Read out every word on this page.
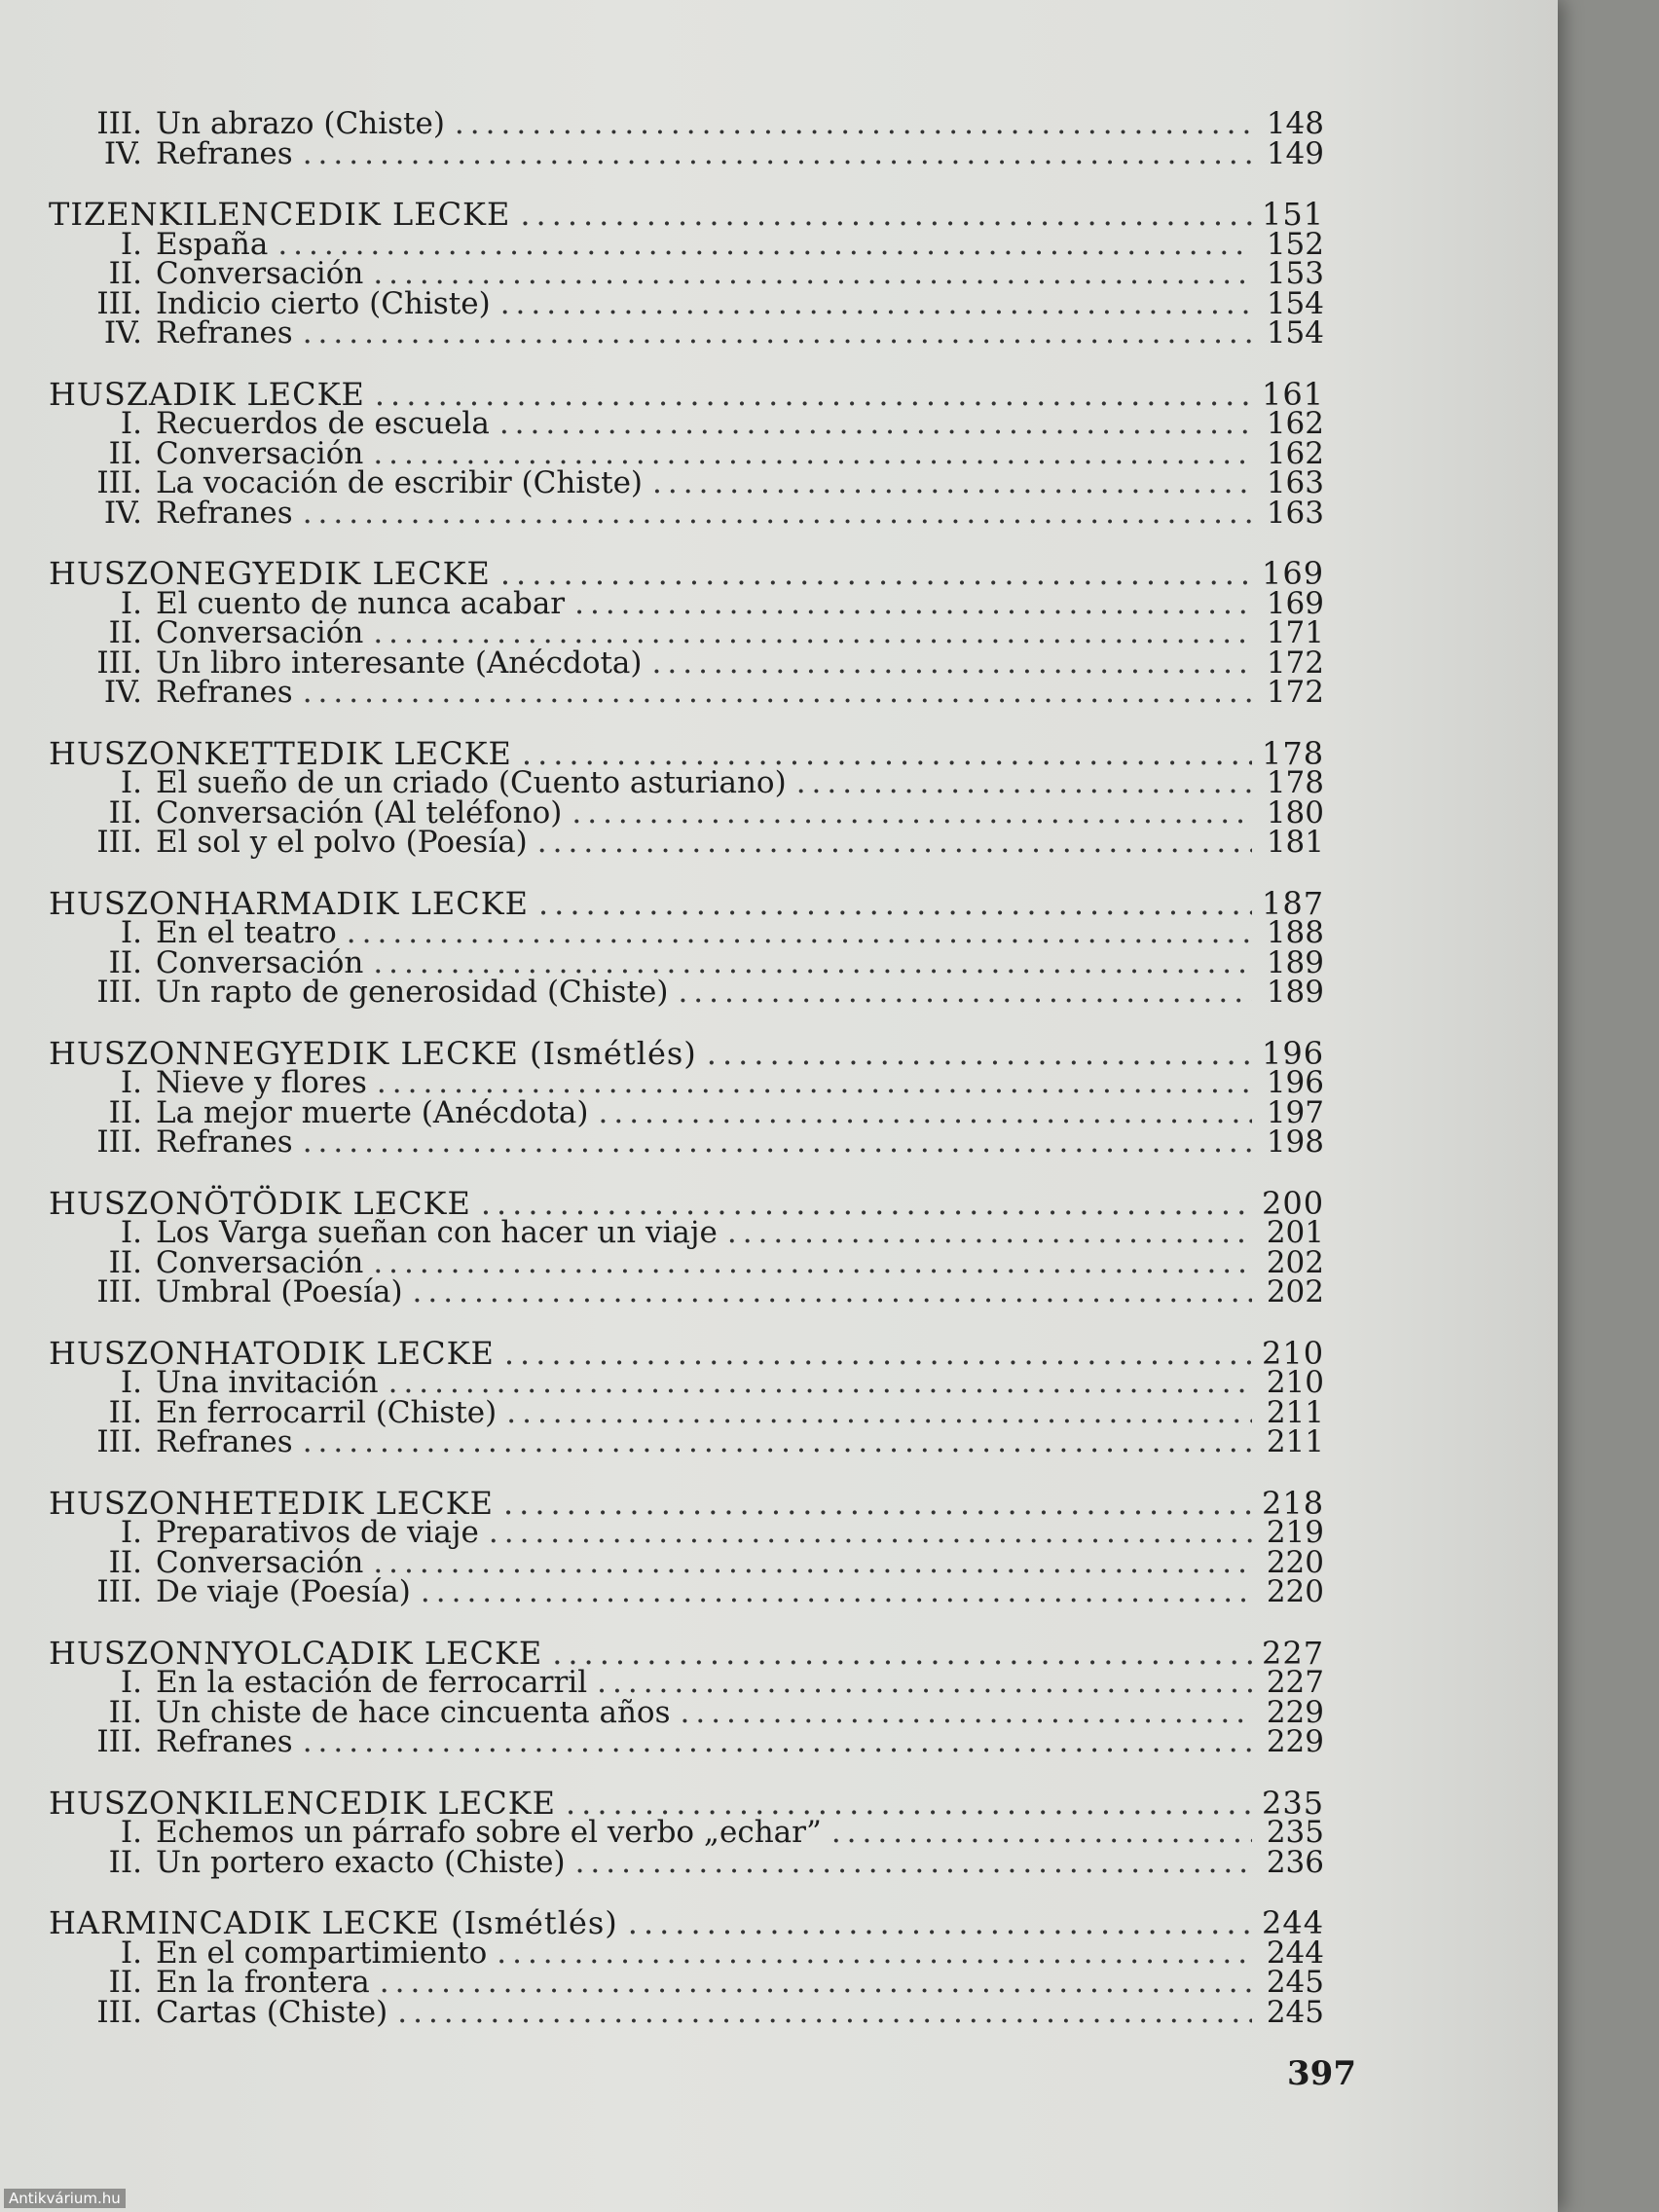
III. Un abrazo (Chiste) .....	148
IV. Refranes .....	149
TIZENKILENCEDIK LECKE .....	151
I. España .....	152
II. Conversación .....	153
III. Indicio cierto (Chiste) .....	154
IV. Refranes .....	154
HUSZADIK LECKE .....	161
I. Recuerdos de escuela .....	162
II. Conversación .....	162
III. La vocación de escribir (Chiste) .....	163
IV. Refranes .....	163
HUSZONEGYEDIK LECKE .....	169
I. El cuento de nunca acabar .....	169
II. Conversación .....	171
III. Un libro interesante (Anécdota) .....	172
IV. Refranes .....	172
HUSZONKETTEDIK LECKE .....	178
I. El sueño de un criado (Cuento asturiano) .....	178
II. Conversación (Al teléfono) .....	180
III. El sol y el polvo (Poesía) .....	181
HUSZONHARMADIK LECKE .....	187
I. En el teatro .....	188
II. Conversación .....	189
III. Un rapto de generosidad (Chiste) .....	189
HUSZONNEGYEDIK LECKE (Ismétlés) .....	196
I. Nieve y flores .....	196
II. La mejor muerte (Anécdota) .....	197
III. Refranes .....	198
HUSZONÖTÖDIK LECKE .....	200
I. Los Varga sueñan con hacer un viaje .....	201
II. Conversación .....	202
III. Umbral (Poesía) .....	202
HUSZONHATODIK LECKE .....	210
I. Una invitación .....	210
II. En ferrocarril (Chiste) .....	211
III. Refranes .....	211
HUSZONHETEDIK LECKE .....	218
I. Preparativos de viaje .....	219
II. Conversación .....	220
III. De viaje (Poesía) .....	220
HUSZONNYOLCADIK LECKE .....	227
I. En la estación de ferrocarril .....	227
II. Un chiste de hace cincuenta años .....	229
III. Refranes .....	229
HUSZONKILENCEDIK LECKE .....	235
I. Echemos un párrafo sobre el verbo „echar” .....	235
II. Un portero exacto (Chiste) .....	236
HARMINCADIK LECKE (Ismétlés) .....	244
I. En el compartimiento .....	244
II. En la frontera .....	245
III. Cartas (Chiste) .....	245
397
Antikvárium.hu
